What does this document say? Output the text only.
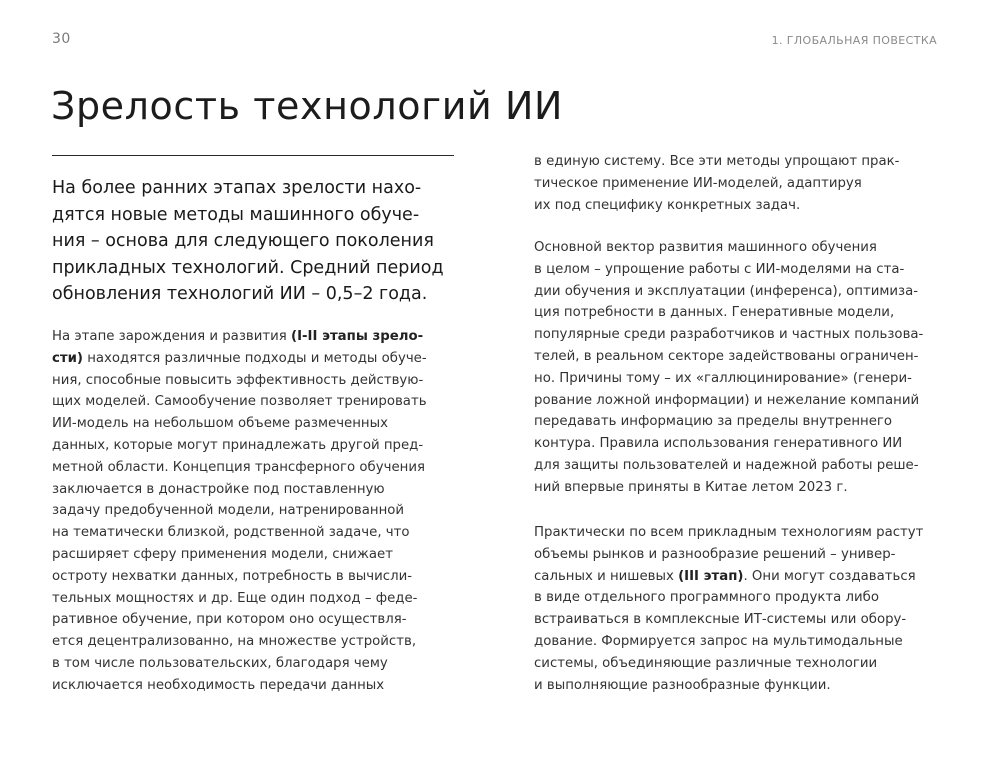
30	1. ГЛОБАЛЬНАЯ ПОВЕСТКА
Зрелость технологий ИИ

На более ранних этапах зрелости нахо-
дятся новые методы машинного обуче-
ния – основа для следующего поколения
прикладных технологий. Средний период
обновления технологий ИИ – 0,5–2 года.

На этапе зарождения и развития (I-II этапы зрело-
сти) находятся различные подходы и методы обуче-
ния, способные повысить эффективность действую-
щих моделей. Самообучение позволяет тренировать
ИИ-модель на небольшом объеме размеченных
данных, которые могут принадлежать другой пред-
метной области. Концепция трансферного обучения
заключается в донастройке под поставленную
задачу предобученной модели, натренированной
на тематически близкой, родственной задаче, что
расширяет сферу применения модели, снижает
остроту нехватки данных, потребность в вычисли-
тельных мощностях и др. Еще один подход – феде-
ративное обучение, при котором оно осуществля-
ется децентрализованно, на множестве устройств,
в том числе пользовательских, благодаря чему
исключается необходимость передачи данных

в единую систему. Все эти методы упрощают прак-
тическое применение ИИ-моделей, адаптируя
их под специфику конкретных задач.

Основной вектор развития машинного обучения
в целом – упрощение работы с ИИ-моделями на ста-
дии обучения и эксплуатации (инференса), оптимиза-
ция потребности в данных. Генеративные модели,
популярные среди разработчиков и частных пользова-
телей, в реальном секторе задействованы ограничен-
но. Причины тому – их «галлюцинирование» (генери-
рование ложной информации) и нежелание компаний
передавать информацию за пределы внутреннего
контура. Правила использования генеративного ИИ
для защиты пользователей и надежной работы реше-
ний впервые приняты в Китае летом 2023 г.

Практически по всем прикладным технологиям растут
объемы рынков и разнообразие решений – универ-
сальных и нишевых (III этап). Они могут создаваться
в виде отдельного программного продукта либо
встраиваться в комплексные ИТ-системы или обору-
дование. Формируется запрос на мультимодальные
системы, объединяющие различные технологии
и выполняющие разнообразные функции.
